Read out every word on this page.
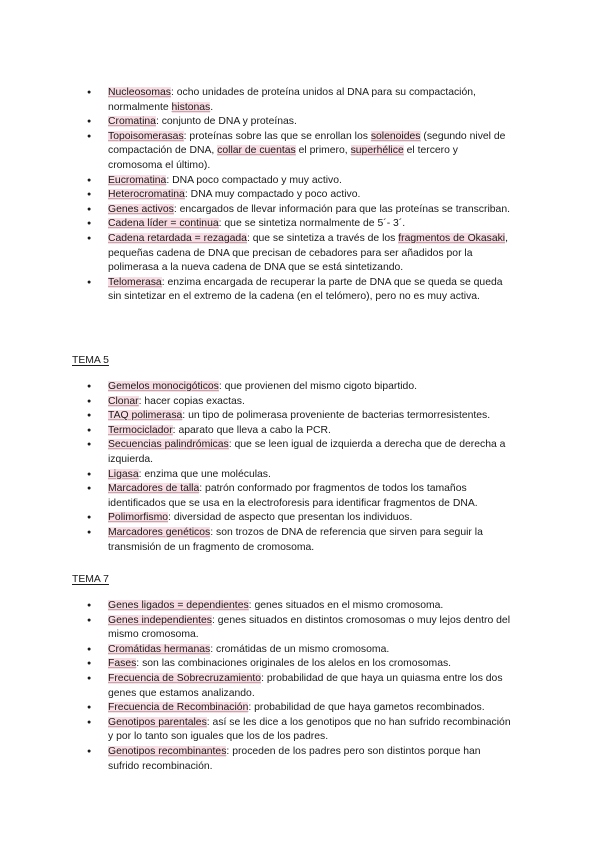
● Nucleosomas: ocho unidades de proteína unidos al DNA para su compactación, normalmente histonas.
● Cromatina: conjunto de DNA y proteínas.
● Topoisomerasas: proteínas sobre las que se enrollan los solenoides (segundo nivel de compactación de DNA, collar de cuentas el primero, superhélice el tercero y cromosoma el último).
● Eucromatina: DNA poco compactado y muy activo.
● Heterocromatina: DNA muy compactado y poco activo.
● Genes activos: encargados de llevar información para que las proteínas se transcriban.
● Cadena líder = continua: que se sintetiza normalmente de 5´- 3´.
● Cadena retardada = rezagada: que se sintetiza a través de los fragmentos de Okasaki, pequeñas cadena de DNA que precisan de cebadores para ser añadidos por la polimerasa a la nueva cadena de DNA que se está sintetizando.
● Telomerasa: enzima encargada de recuperar la parte de DNA que se queda se queda sin sintetizar en el extremo de la cadena (en el telómero), pero no es muy activa.
TEMA 5
● Gemelos monocigóticos: que provienen del mismo cigoto bipartido.
● Clonar: hacer copias exactas.
● TAQ polimerasa: un tipo de polimerasa proveniente de bacterias termorresistentes.
● Termociclador: aparato que lleva a cabo la PCR.
● Secuencias palindrómicas: que se leen igual de izquierda a derecha que de derecha a izquierda.
● Ligasa: enzima que une moléculas.
● Marcadores de talla: patrón conformado por fragmentos de todos los tamaños identificados que se usa en la electroforesis para identificar fragmentos de DNA.
● Polimorfismo: diversidad de aspecto que presentan los individuos.
● Marcadores genéticos: son trozos de DNA de referencia que sirven para seguir la transmisión de un fragmento de cromosoma.
TEMA 7
● Genes ligados = dependientes: genes situados en el mismo cromosoma.
● Genes independientes: genes situados en distintos cromosomas o muy lejos dentro del mismo cromosoma.
● Cromátidas hermanas: cromátidas de un mismo cromosoma.
● Fases: son las combinaciones originales de los alelos en los cromosomas.
● Frecuencia de Sobrecruzamiento: probabilidad de que haya un quiasma entre los dos genes que estamos analizando.
● Frecuencia de Recombinación: probabilidad de que haya gametos recombinados.
● Genotipos parentales: así se les dice a los genotipos que no han sufrido recombinación y por lo tanto son iguales que los de los padres.
● Genotipos recombinantes: proceden de los padres pero son distintos porque han sufrido recombinación.
